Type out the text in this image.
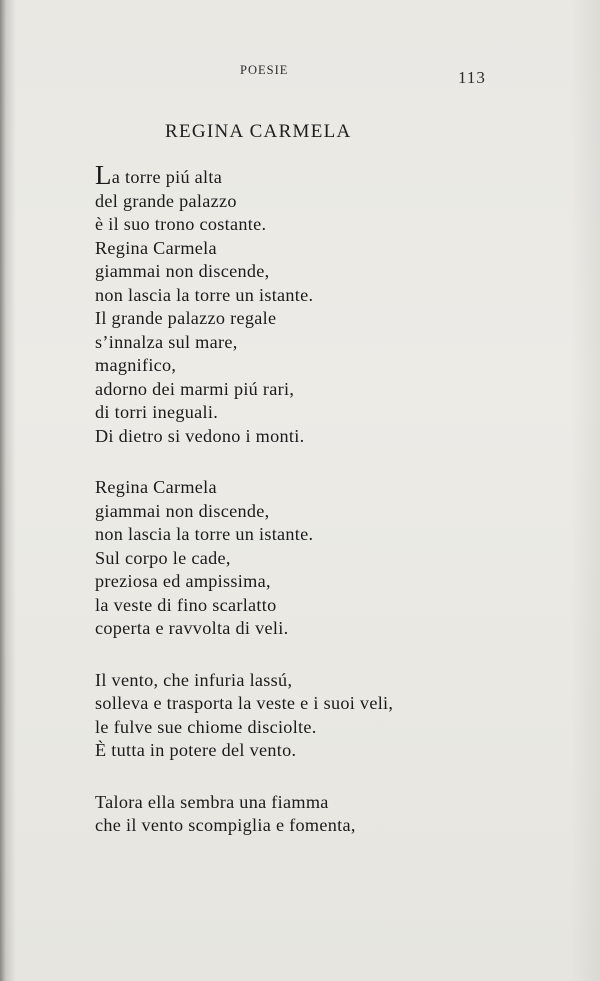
POESIE	113
REGINA CARMELA
La torre piú alta
del grande palazzo
è il suo trono costante.
Regina Carmela
giammai non discende,
non lascia la torre un istante.
Il grande palazzo regale
s’innalza sul mare,
magnifico,
adorno dei marmi piú rari,
di torri ineguali.
Di dietro si vedono i monti.
Regina Carmela
giammai non discende,
non lascia la torre un istante.
Sul corpo le cade,
preziosa ed ampissima,
la veste di fino scarlatto
coperta e ravvolta di veli.
Il vento, che infuria lassú,
solleva e trasporta la veste e i suoi veli,
le fulve sue chiome disciolte.
È tutta in potere del vento.
Talora ella sembra una fiamma
che il vento scompiglia e fomenta,
